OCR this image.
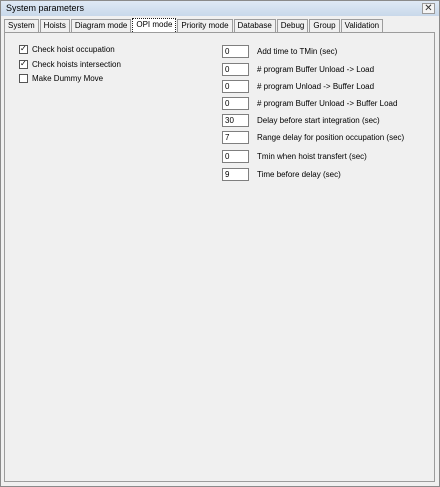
System parameters	✕
System	Hoists	Diagram mode	OPI mode	Priority mode	Database	Debug	Group	Validation
✓ Check hoist occupation
✓ Check hoists intersection
Make Dummy Move
0	Add time to TMin (sec)
0	# program Buffer Unload -> Load
0	# program Unload -> Buffer Load
0	# program Buffer Unload -> Buffer Load
30	Delay before start integration (sec)
7	Range delay for position occupation (sec)
0	Tmin when hoist transfert (sec)
9	Time before delay (sec)
